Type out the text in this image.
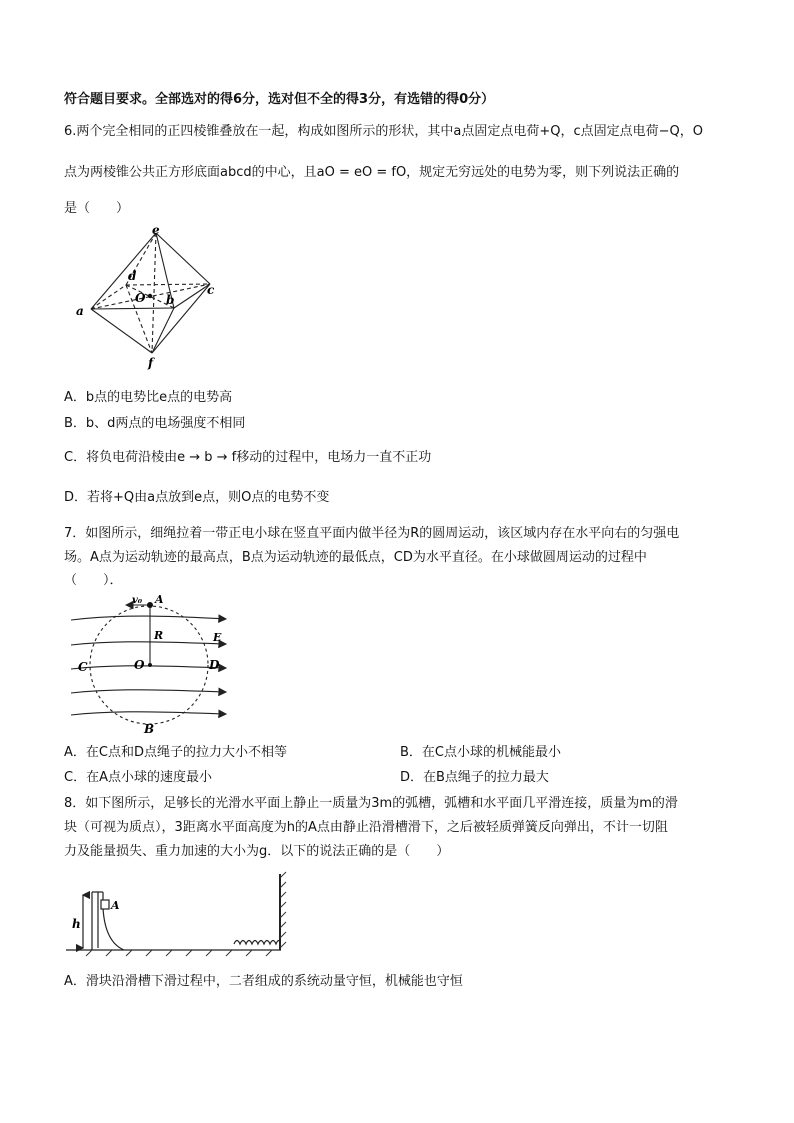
符合题目要求。全部选对的得6分，选对但不全的得3分，有选错的得0分）
6.两个完全相同的正四棱锥叠放在一起，构成如图所示的形状，其中a点固定点电荷+Q，c点固定点电荷−Q，O
点为两棱锥公共正方形底面abcd的中心，且aO = eO = fO，规定无穷远处的电势为零，则下列说法正确的
是（　　）
e
d
O b
c
a
f
A．b点的电势比e点的电势高
B．b、d两点的电场强度不相同
C．将负电荷沿棱由e → b → f移动的过程中，电场力一直不正功
D．若将+Q由a点放到e点，则O点的电势不变
7．如图所示，细绳拉着一带正电小球在竖直平面内做半径为R的圆周运动，该区域内存在水平向右的匀强电
场。A点为运动轨迹的最高点，B点为运动轨迹的最低点，CD为水平直径。在小球做圆周运动的过程中
（　　）．
v₀ A
R	E
C	O	D
B
A．在C点和D点绳子的拉力大小不相等	B．在C点小球的机械能最小
C．在A点小球的速度最小	D．在B点绳子的拉力最大
8．如下图所示，足够长的光滑水平面上静止一质量为3m的弧槽，弧槽和水平面几平滑连接，质量为m的滑
块（可视为质点），3距离水平面高度为h的A点由静止沿滑槽滑下，之后被轻质弹簧反向弹出，不计一切阻
力及能量损失、重力加速的大小为g．以下的说法正确的是（　　）
A
h
A．滑块沿滑槽下滑过程中，二者组成的系统动量守恒，机械能也守恒
